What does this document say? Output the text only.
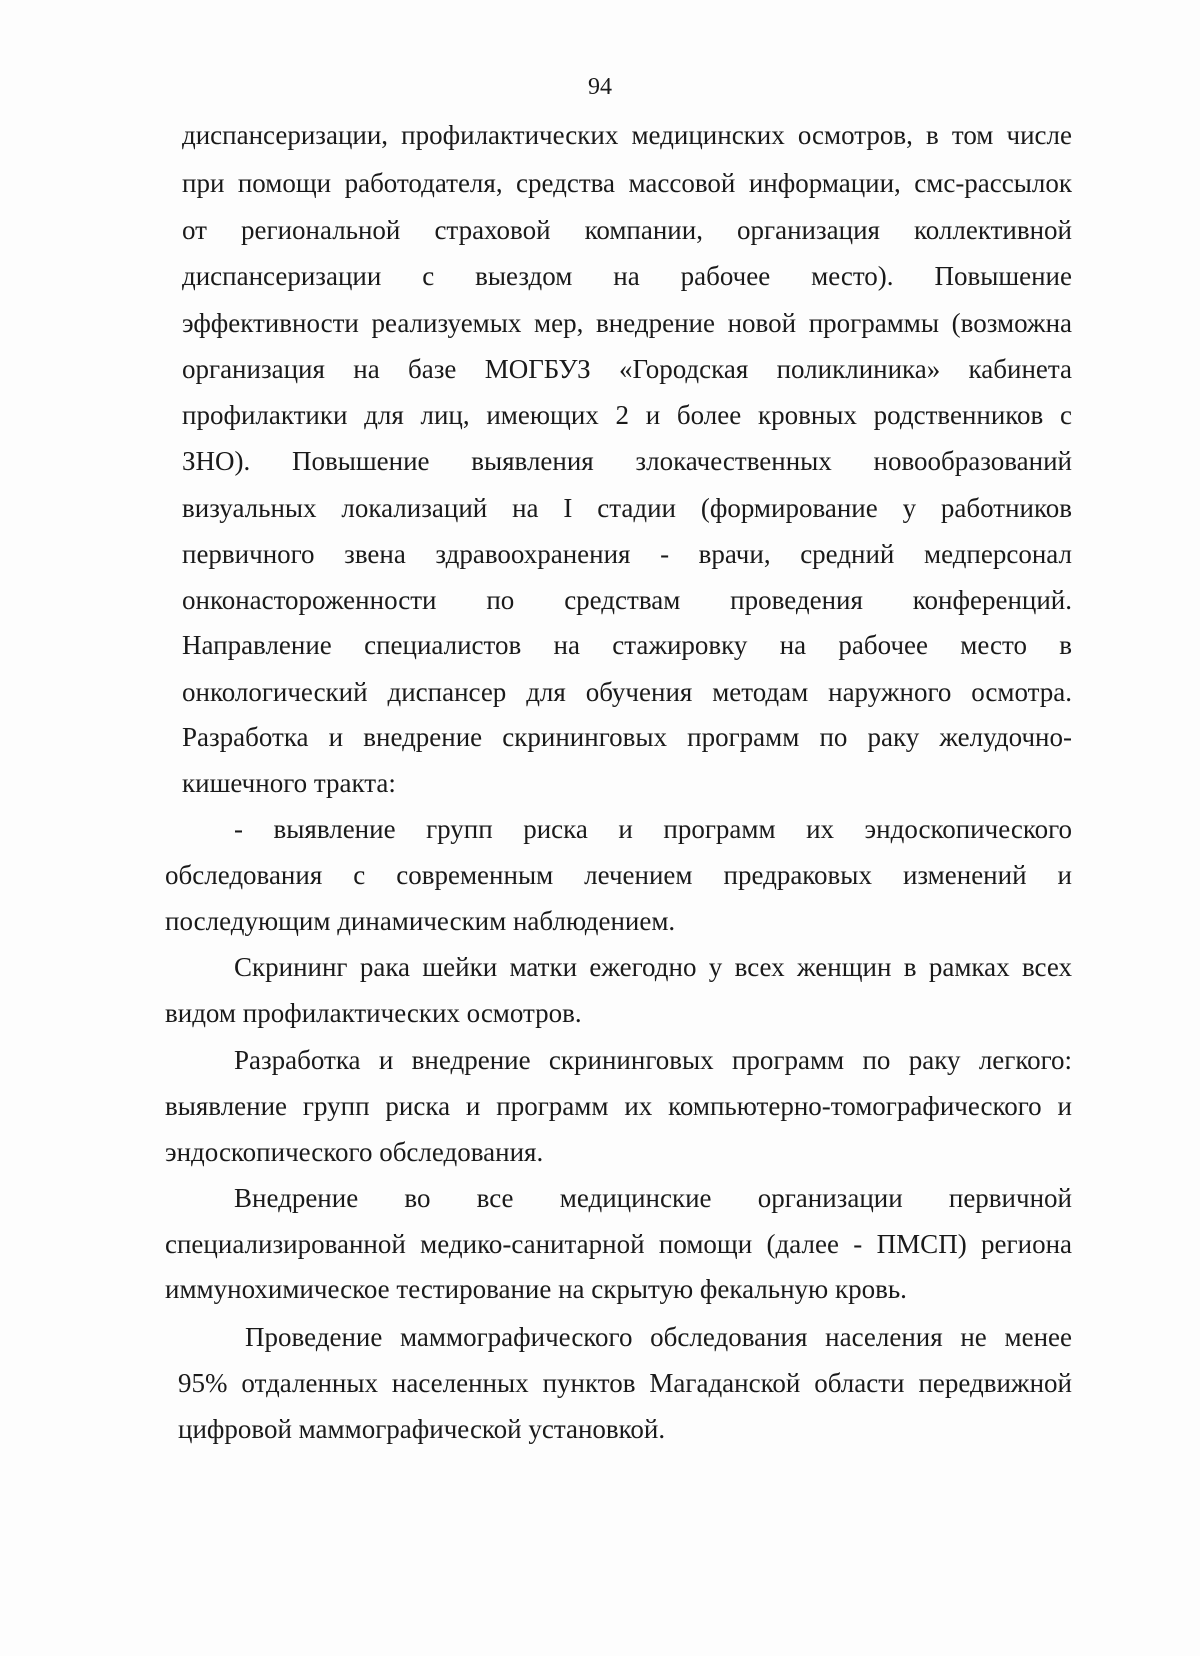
94
диспансеризации, профилактических медицинских осмотров, в том числе
при помощи работодателя, средства массовой информации, смс-рассылок
от региональной страховой компании, организация коллективной
диспансеризации с выездом на рабочее место). Повышение
эффективности реализуемых мер, внедрение новой программы (возможна
организация на базе МОГБУЗ «Городская поликлиника» кабинета
профилактики для лиц, имеющих 2 и более кровных родственников с
ЗНО). Повышение выявления злокачественных новообразований
визуальных локализаций на I стадии (формирование у работников
первичного звена здравоохранения - врачи, средний медперсонал
онконастороженности по средствам проведения конференций.
Направление специалистов на стажировку на рабочее место в
онкологический диспансер для обучения методам наружного осмотра.
Разработка и внедрение скрининговых программ по раку желудочно-
кишечного тракта:
- выявление групп риска и программ их эндоскопического
обследования с современным лечением предраковых изменений и
последующим динамическим наблюдением.
Скрининг рака шейки матки ежегодно у всех женщин в рамках всех
видом профилактических осмотров.
Разработка и внедрение скрининговых программ по раку легкого:
выявление групп риска и программ их компьютерно-томографического и
эндоскопического обследования.
Внедрение во все медицинские организации первичной
специализированной медико-санитарной помощи (далее - ПМСП) региона
иммунохимическое тестирование на скрытую фекальную кровь.
Проведение маммографического обследования населения не менее
95% отдаленных населенных пунктов Магаданской области передвижной
цифровой маммографической установкой.
